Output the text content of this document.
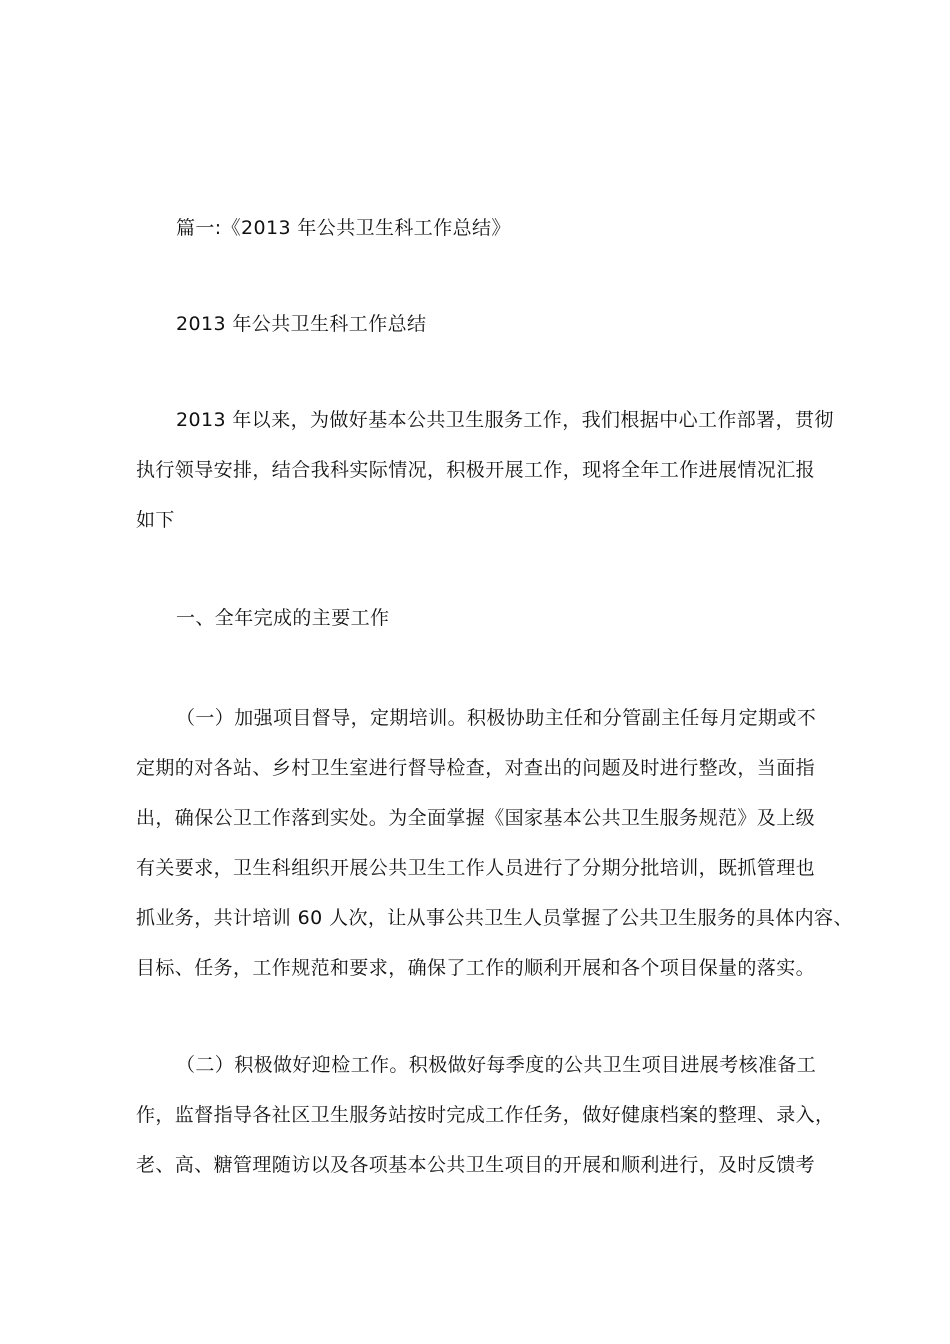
篇一:《2013 年公共卫生科工作总结》
2013 年公共卫生科工作总结
2013 年以来，为做好基本公共卫生服务工作，我们根据中心工作部署，贯彻
执行领导安排，结合我科实际情况，积极开展工作，现将全年工作进展情况汇报
如下
一、全年完成的主要工作
（一）加强项目督导，定期培训。积极协助主任和分管副主任每月定期或不
定期的对各站、乡村卫生室进行督导检查，对查出的问题及时进行整改，当面指
出，确保公卫工作落到实处。为全面掌握《国家基本公共卫生服务规范》及上级
有关要求，卫生科组织开展公共卫生工作人员进行了分期分批培训，既抓管理也
抓业务，共计培训 60 人次，让从事公共卫生人员掌握了公共卫生服务的具体内容、
目标、任务，工作规范和要求，确保了工作的顺利开展和各个项目保量的落实。
（二）积极做好迎检工作。积极做好每季度的公共卫生项目进展考核准备工
作，监督指导各社区卫生服务站按时完成工作任务，做好健康档案的整理、录入，
老、高、糖管理随访以及各项基本公共卫生项目的开展和顺利进行，及时反馈考
